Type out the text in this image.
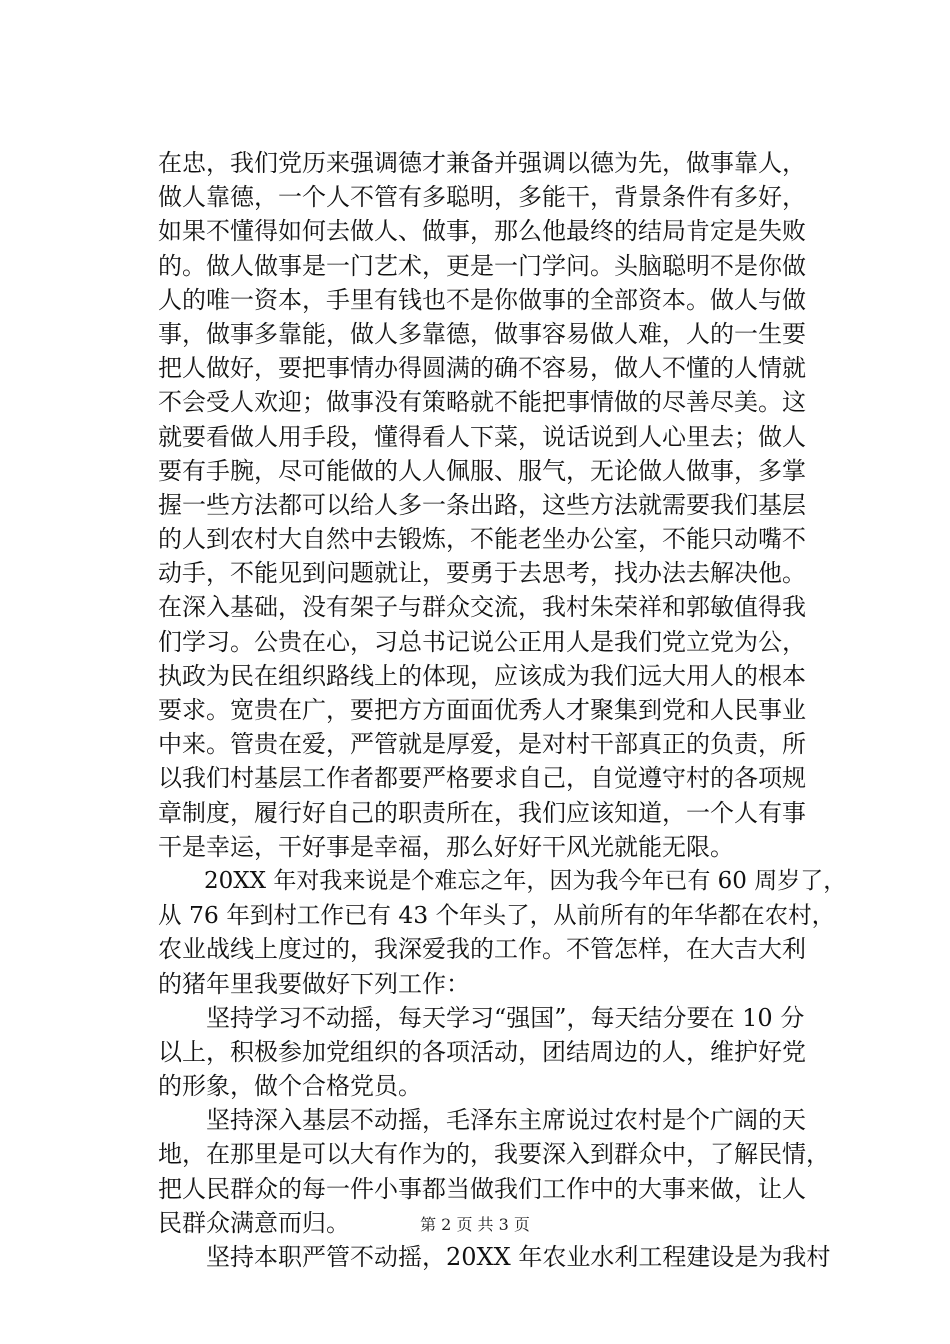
在忠，我们党历来强调德才兼备并强调以德为先，做事靠人，
做人靠德，一个人不管有多聪明，多能干，背景条件有多好，
如果不懂得如何去做人、做事，那么他最终的结局肯定是失败
的。做人做事是一门艺术，更是一门学问。头脑聪明不是你做
人的唯一资本，手里有钱也不是你做事的全部资本。做人与做
事，做事多靠能，做人多靠德，做事容易做人难，人的一生要
把人做好，要把事情办得圆满的确不容易，做人不懂的人情就
不会受人欢迎；做事没有策略就不能把事情做的尽善尽美。这
就要看做人用手段，懂得看人下菜，说话说到人心里去；做人
要有手腕，尽可能做的人人佩服、服气，无论做人做事，多掌
握一些方法都可以给人多一条出路，这些方法就需要我们基层
的人到农村大自然中去锻炼，不能老坐办公室，不能只动嘴不
动手，不能见到问题就让，要勇于去思考，找办法去解决他。
在深入基础，没有架子与群众交流，我村朱荣祥和郭敏值得我
们学习。公贵在心，习总书记说公正用人是我们党立党为公，
执政为民在组织路线上的体现，应该成为我们远大用人的根本
要求。宽贵在广，要把方方面面优秀人才聚集到党和人民事业
中来。管贵在爱，严管就是厚爱，是对村干部真正的负责，所
以我们村基层工作者都要严格要求自己，自觉遵守村的各项规
章制度，履行好自己的职责所在，我们应该知道，一个人有事
干是幸运，干好事是幸福，那么好好干风光就能无限。
　　20XX 年对我来说是个难忘之年，因为我今年已有 60 周岁了，
从 76 年到村工作已有 43 个年头了，从前所有的年华都在农村，
农业战线上度过的，我深爱我的工作。不管怎样，在大吉大利
的猪年里我要做好下列工作：
　　坚持学习不动摇，每天学习“强国”，每天结分要在 10 分
以上，积极参加党组织的各项活动，团结周边的人，维护好党
的形象，做个合格党员。
　　坚持深入基层不动摇，毛泽东主席说过农村是个广阔的天
地，在那里是可以大有作为的，我要深入到群众中，了解民情，
把人民群众的每一件小事都当做我们工作中的大事来做，让人
民群众满意而归。
　　坚持本职严管不动摇，20XX 年农业水利工程建设是为我村
第 2 页 共 3 页
